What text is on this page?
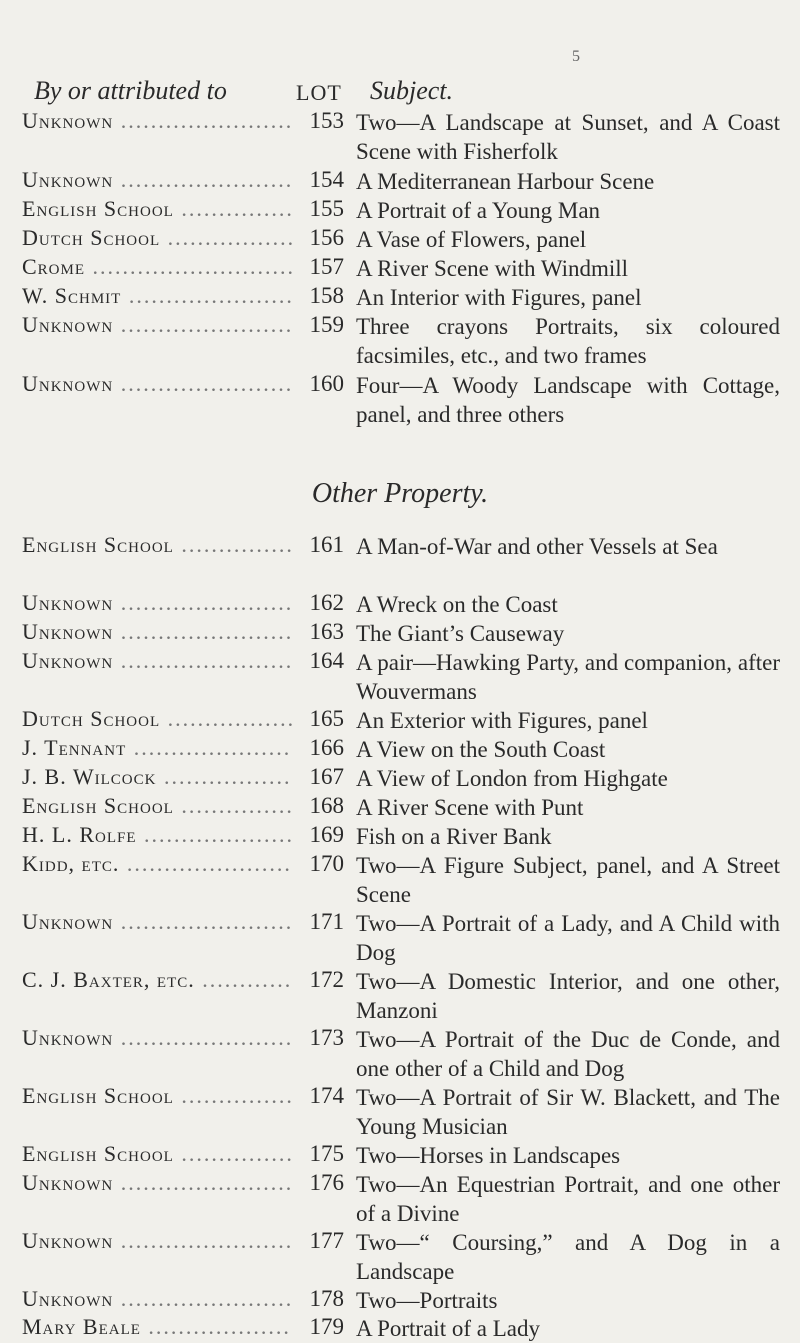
5
By or attributed to	LOT Subject.
Unknown .....	153 Two—A Landscape at Sunset, and A Coast Scene with Fisherfolk
Unknown .....	154 A Mediterranean Harbour Scene
English School .....	155 A Portrait of a Young Man
Dutch School .....	156 A Vase of Flowers, panel
Crome .....	157 A River Scene with Windmill
W. Schmit .....	158 An Interior with Figures, panel
Unknown .....	159 Three crayons Portraits, six coloured facsimiles, etc., and two frames
Unknown .....	160 Four—A Woody Landscape with Cottage, panel, and three others
Other Property.
English School .....	161 A Man-of-War and other Vessels at Sea
Unknown .....	162 A Wreck on the Coast
Unknown .....	163 The Giant’s Causeway
Unknown .....	164 A pair—Hawking Party, and companion, after Wouvermans
Dutch School .....	165 An Exterior with Figures, panel
J. Tennant .....	166 A View on the South Coast
J. B. Wilcock .....	167 A View of London from Highgate
English School .....	168 A River Scene with Punt
H. L. Rolfe .....	169 Fish on a River Bank
Kidd, etc. .....	170 Two—A Figure Subject, panel, and A Street Scene
Unknown .....	171 Two—A Portrait of a Lady, and A Child with Dog
C. J. Baxter, etc. .....	172 Two—A Domestic Interior, and one other, Manzoni
Unknown .....	173 Two—A Portrait of the Duc de Conde, and one other of a Child and Dog
English School .....	174 Two—A Portrait of Sir W. Blackett, and The Young Musician
English School .....	175 Two—Horses in Landscapes
Unknown .....	176 Two—An Equestrian Portrait, and one other of a Divine
Unknown .....	177 Two—“ Coursing,” and A Dog in a Landscape
Unknown .....	178 Two—Portraits
Mary Beale .....	179 A Portrait of a Lady
